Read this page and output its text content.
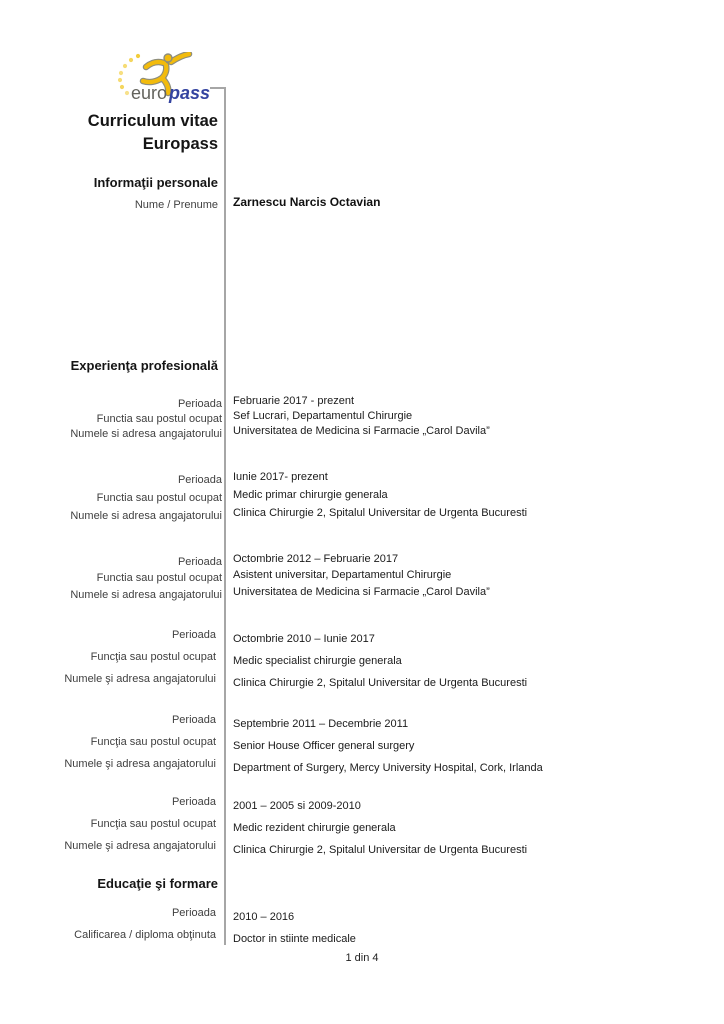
euro pass
Curriculum vitae
Europass
Informaţii personale
Nume / Prenume Zarnescu Narcis Octavian
Experienţa profesională
Perioada Februarie 2017 - prezent
Functia sau postul ocupat Sef Lucrari, Departamentul Chirurgie
Numele si adresa angajatorului Universitatea de Medicina si Farmacie „Carol Davila”
Perioada Iunie 2017- prezent
Functia sau postul ocupat Medic primar chirurgie generala
Numele si adresa angajatorului Clinica Chirurgie 2, Spitalul Universitar de Urgenta Bucuresti
Perioada Octombrie 2012 – Februarie 2017
Functia sau postul ocupat Asistent universitar, Departamentul Chirurgie
Numele si adresa angajatorului Universitatea de Medicina si Farmacie „Carol Davila”
Perioada Octombrie 2010 – Iunie 2017
Funcţia sau postul ocupat Medic specialist chirurgie generala
Numele şi adresa angajatorului Clinica Chirurgie 2, Spitalul Universitar de Urgenta Bucuresti
Perioada Septembrie 2011 – Decembrie 2011
Funcţia sau postul ocupat Senior House Officer general surgery
Numele şi adresa angajatorului Department of Surgery, Mercy University Hospital, Cork, Irlanda
Perioada 2001 – 2005 si 2009-2010
Funcţia sau postul ocupat Medic rezident chirurgie generala
Numele şi adresa angajatorului Clinica Chirurgie 2, Spitalul Universitar de Urgenta Bucuresti
Educaţie şi formare
Perioada 2010 – 2016
Calificarea / diploma obţinuta Doctor in stiinte medicale
1 din 4
